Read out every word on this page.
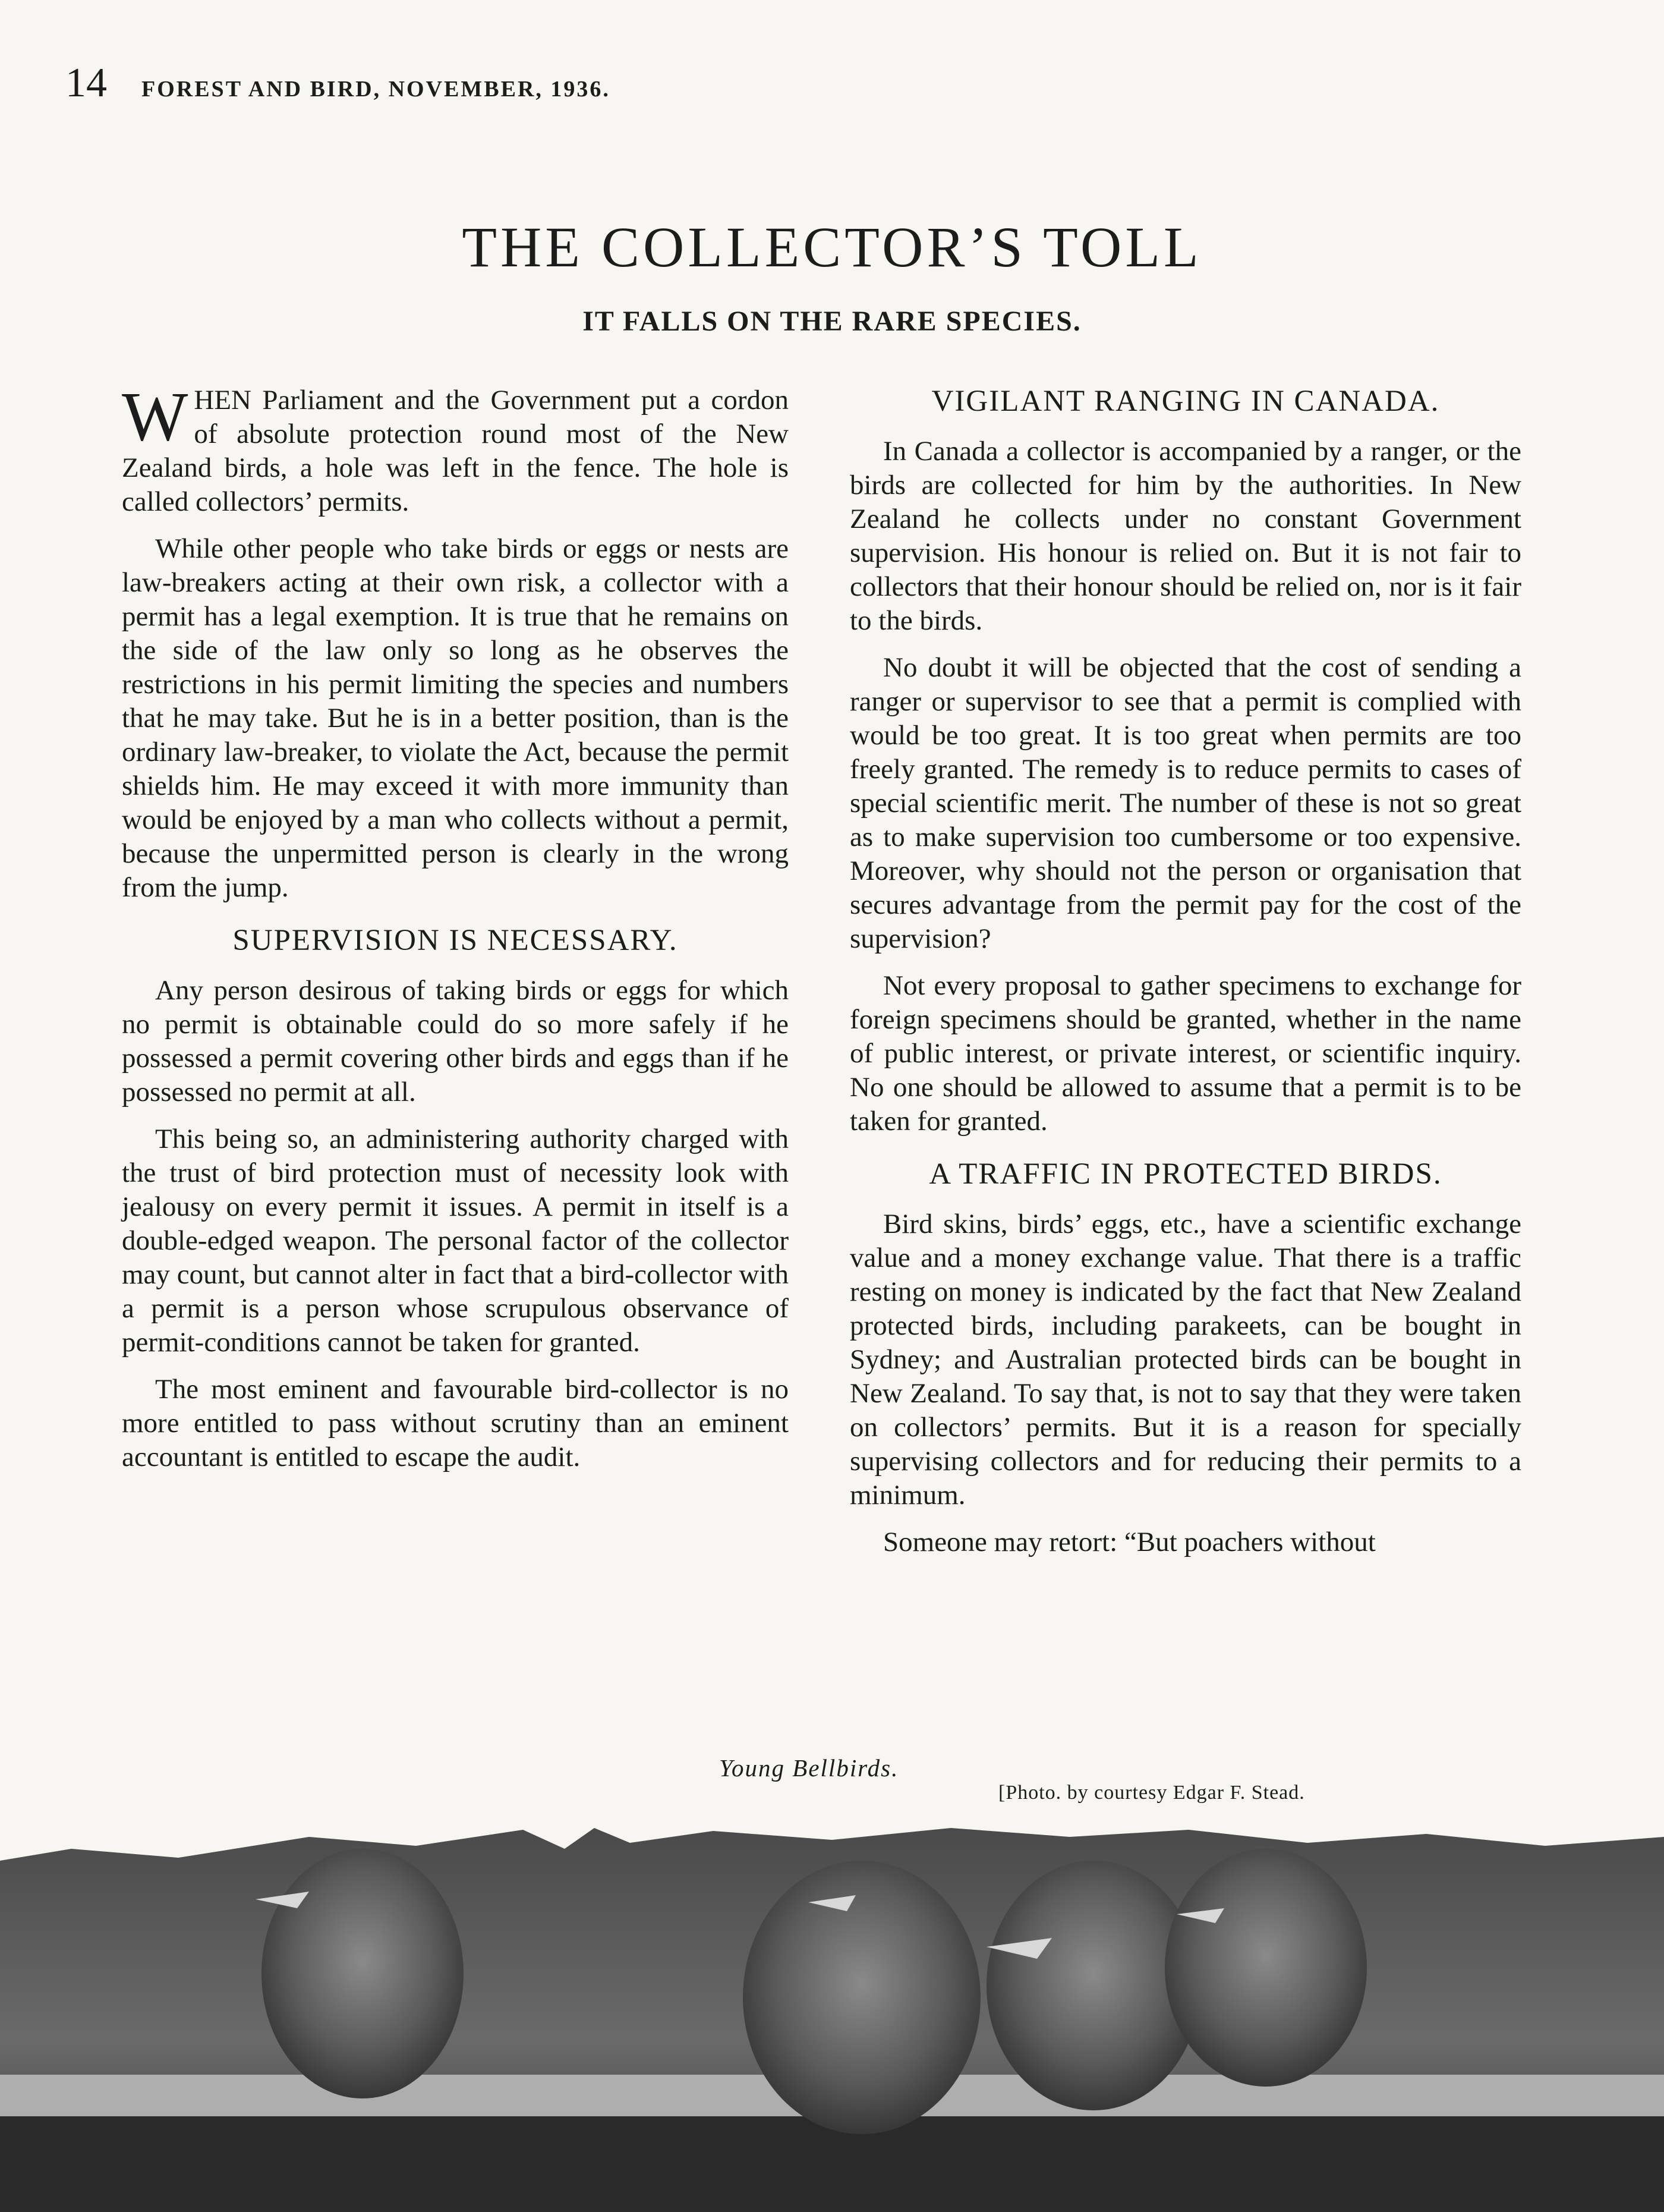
14 FOREST AND BIRD, NOVEMBER, 1936.
THE COLLECTOR’S TOLL
IT FALLS ON THE RARE SPECIES.

WHEN Parliament and the Government put a cordon of absolute protection round most of the New Zealand birds, a hole was left in the fence. The hole is called collectors’ permits.

While other people who take birds or eggs or nests are law-breakers acting at their own risk, a collector with a permit has a legal exemption. It is true that he remains on the side of the law only so long as he observes the restrictions in his permit limiting the species and numbers that he may take. But he is in a better position, than is the ordinary law-breaker, to violate the Act, because the permit shields him. He may exceed it with more immunity than would be enjoyed by a man who collects without a permit, because the unpermitted person is clearly in the wrong from the jump.

SUPERVISION IS NECESSARY.

Any person desirous of taking birds or eggs for which no permit is obtainable could do so more safely if he possessed a permit covering other birds and eggs than if he possessed no permit at all.

This being so, an administering authority charged with the trust of bird protection must of necessity look with jealousy on every permit it issues. A permit in itself is a double-edged weapon. The personal factor of the collector may count, but cannot alter in fact that a bird-collector with a permit is a person whose scrupulous observance of permit-conditions cannot be taken for granted.

The most eminent and favourable bird-collector is no more entitled to pass without scrutiny than an eminent accountant is entitled to escape the audit.

VIGILANT RANGING IN CANADA.

In Canada a collector is accompanied by a ranger, or the birds are collected for him by the authorities. In New Zealand he collects under no constant Government supervision. His honour is relied on. But it is not fair to collectors that their honour should be relied on, nor is it fair to the birds.

No doubt it will be objected that the cost of sending a ranger or supervisor to see that a permit is complied with would be too great. It is too great when permits are too freely granted. The remedy is to reduce permits to cases of special scientific merit. The number of these is not so great as to make supervision too cumbersome or too expensive. Moreover, why should not the person or organisation that secures advantage from the permit pay for the cost of the supervision?

Not every proposal to gather specimens to exchange for foreign specimens should be granted, whether in the name of public interest, or private interest, or scientific inquiry. No one should be allowed to assume that a permit is to be taken for granted.

A TRAFFIC IN PROTECTED BIRDS.

Bird skins, birds’ eggs, etc., have a scientific exchange value and a money exchange value. That there is a traffic resting on money is indicated by the fact that New Zealand protected birds, including parakeets, can be bought in Sydney; and Australian protected birds can be bought in New Zealand. To say that, is not to say that they were taken on collectors’ permits. But it is a reason for specially supervising collectors and for reducing their permits to a minimum.

Someone may retort: “But poachers without

Young Bellbirds.
[Photo. by courtesy Edgar F. Stead.
